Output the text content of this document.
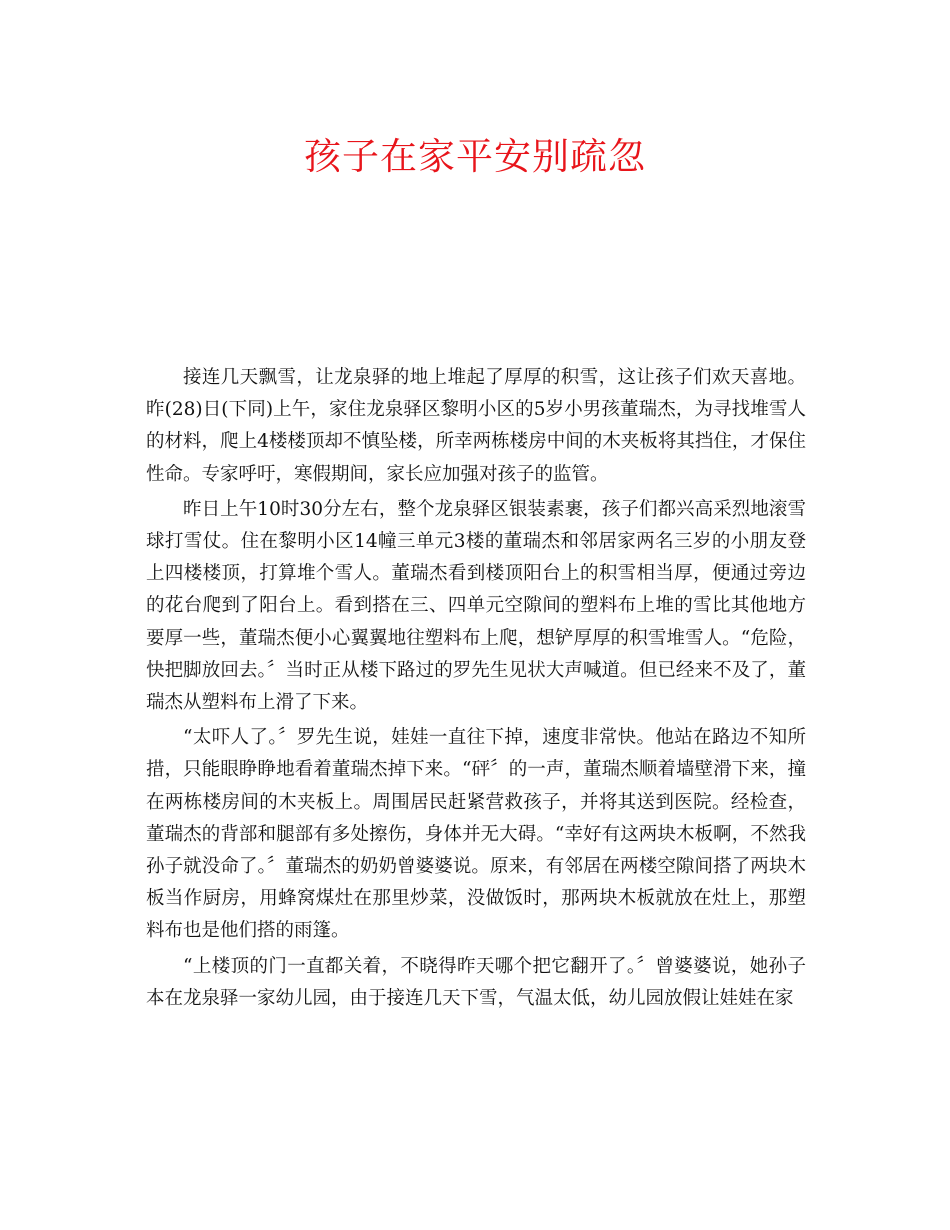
孩子在家平安别疏忽

接连几天飘雪，让龙泉驿的地上堆起了厚厚的积雪，这让孩子们欢天喜地。昨(28)日(下同)上午，家住龙泉驿区黎明小区的5岁小男孩董瑞杰，为寻找堆雪人的材料，爬上4楼楼顶却不慎坠楼，所幸两栋楼房中间的木夹板将其挡住，才保住性命。专家呼吁，寒假期间，家长应加强对孩子的监管。

昨日上午10时30分左右，整个龙泉驿区银装素裹，孩子们都兴高采烈地滚雪球打雪仗。住在黎明小区14幢三单元3楼的董瑞杰和邻居家两名三岁的小朋友登上四楼楼顶，打算堆个雪人。董瑞杰看到楼顶阳台上的积雪相当厚，便通过旁边的花台爬到了阳台上。看到搭在三、四单元空隙间的塑料布上堆的雪比其他地方要厚一些，董瑞杰便小心翼翼地往塑料布上爬，想铲厚厚的积雪堆雪人。“危险，快把脚放回去。〞当时正从楼下路过的罗先生见状大声喊道。但已经来不及了，董瑞杰从塑料布上滑了下来。

“太吓人了。〞罗先生说，娃娃一直往下掉，速度非常快。他站在路边不知所措，只能眼睁睁地看着董瑞杰掉下来。“砰〞的一声，董瑞杰顺着墙壁滑下来，撞在两栋楼房间的木夹板上。周围居民赶紧营救孩子，并将其送到医院。经检查，董瑞杰的背部和腿部有多处擦伤，身体并无大碍。“幸好有这两块木板啊，不然我孙子就没命了。〞董瑞杰的奶奶曾婆婆说。原来，有邻居在两楼空隙间搭了两块木板当作厨房，用蜂窝煤灶在那里炒菜，没做饭时，那两块木板就放在灶上，那塑料布也是他们搭的雨篷。

“上楼顶的门一直都关着，不晓得昨天哪个把它翻开了。〞曾婆婆说，她孙子本在龙泉驿一家幼儿园，由于接连几天下雪，气温太低，幼儿园放假让娃娃在家
